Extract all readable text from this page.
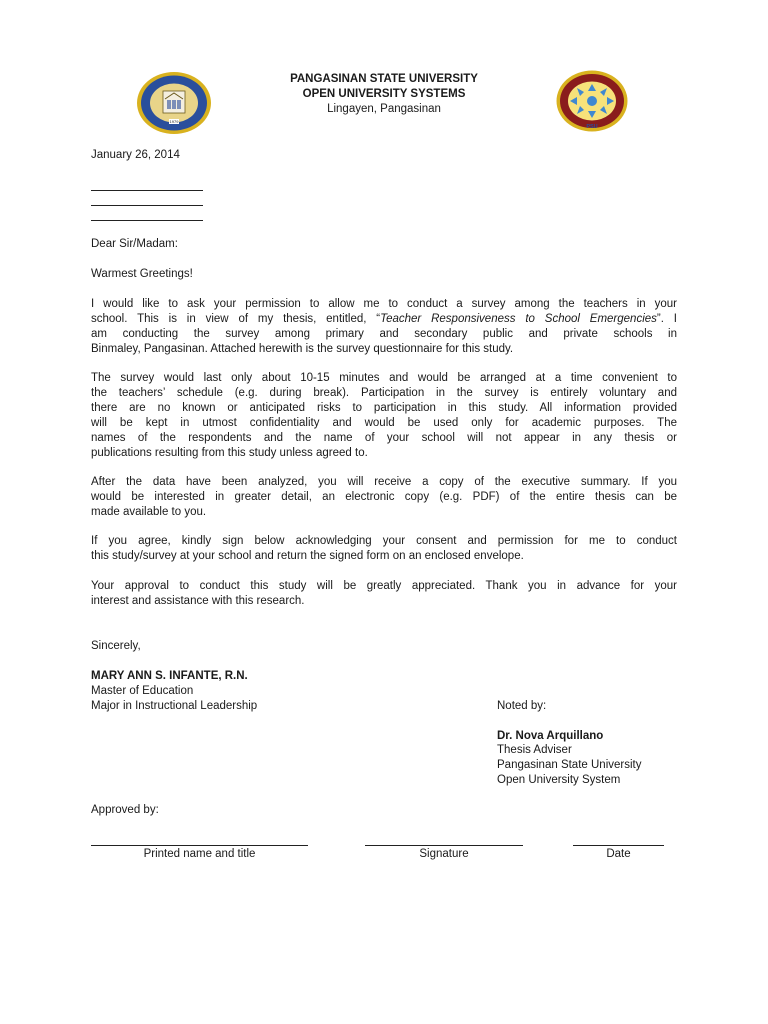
1979
PSU
PANGASINAN STATE UNIVERSITY
OPEN UNIVERSITY SYSTEMS
Lingayen, Pangasinan
January 26, 2014
Dear Sir/Madam:
Warmest Greetings!
I would like to ask your permission to allow me to conduct a survey among the teachers in your
school. This is in view of my thesis, entitled, “Teacher Responsiveness to School Emergencies”. I
am conducting the survey among primary and secondary public and private schools in
Binmaley, Pangasinan. Attached herewith is the survey questionnaire for this study.
The survey would last only about 10-15 minutes and would be arranged at a time convenient to
the teachers’ schedule (e.g. during break). Participation in the survey is entirely voluntary and
there are no known or anticipated risks to participation in this study. All information provided
will be kept in utmost confidentiality and would be used only for academic purposes. The
names of the respondents and the name of your school will not appear in any thesis or
publications resulting from this study unless agreed to.
After the data have been analyzed, you will receive a copy of the executive summary. If you
would be interested in greater detail, an electronic copy (e.g. PDF) of the entire thesis can be
made available to you.
If you agree, kindly sign below acknowledging your consent and permission for me to conduct
this study/survey at your school and return the signed form on an enclosed envelope.
Your approval to conduct this study will be greatly appreciated. Thank you in advance for your
interest and assistance with this research.
Sincerely,
MARY ANN S. INFANTE, R.N.
Master of Education
Major in Instructional Leadership	Noted by:
Dr. Nova Arquillano
Thesis Adviser
Pangasinan State University
Open University System
Approved by:
Printed name and title	Signature	Date
